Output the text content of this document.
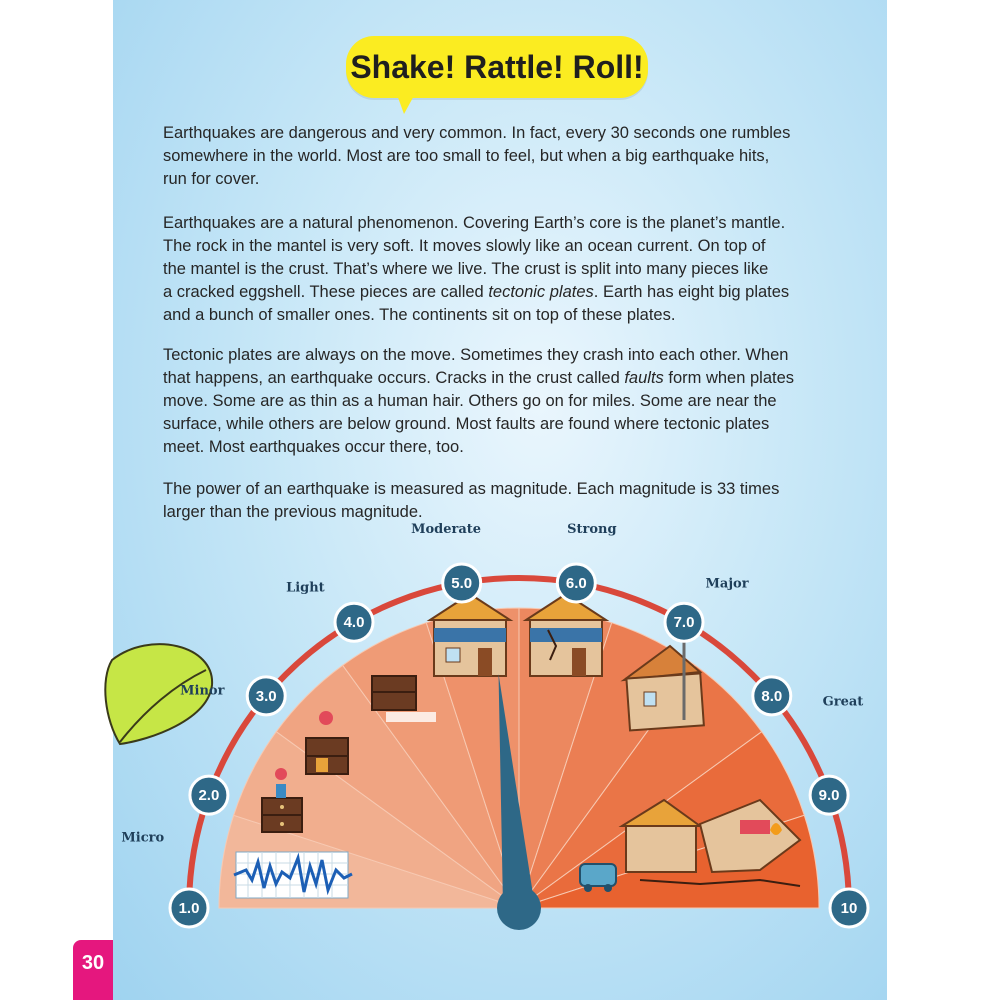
Shake! Rattle! Roll!

Earthquakes are dangerous and very common. In fact, every 30 seconds one rumbles
somewhere in the world. Most are too small to feel, but when a big earthquake hits,
run for cover.

Earthquakes are a natural phenomenon. Covering Earth’s core is the planet’s mantle.
The rock in the mantel is very soft. It moves slowly like an ocean current. On top of
the mantel is the crust. That’s where we live. The crust is split into many pieces like
a cracked eggshell. These pieces are called tectonic plates. Earth has eight big plates
and a bunch of smaller ones. The continents sit on top of these plates.

Tectonic plates are always on the move. Sometimes they crash into each other. When
that happens, an earthquake occurs. Cracks in the crust called faults form when plates
move. Some are as thin as a human hair. Others go on for miles. Some are near the
surface, while others are below ground. Most faults are found where tectonic plates
meet. Most earthquakes occur there, too.

The power of an earthquake is measured as magnitude. Each magnitude is 33 times
larger than the previous magnitude.

1.0
2.0
3.0
4.0
5.0	6.0
7.0
8.0
9.0
10
Micro
Minor
Light
Moderate	Strong
Major
Great
30
